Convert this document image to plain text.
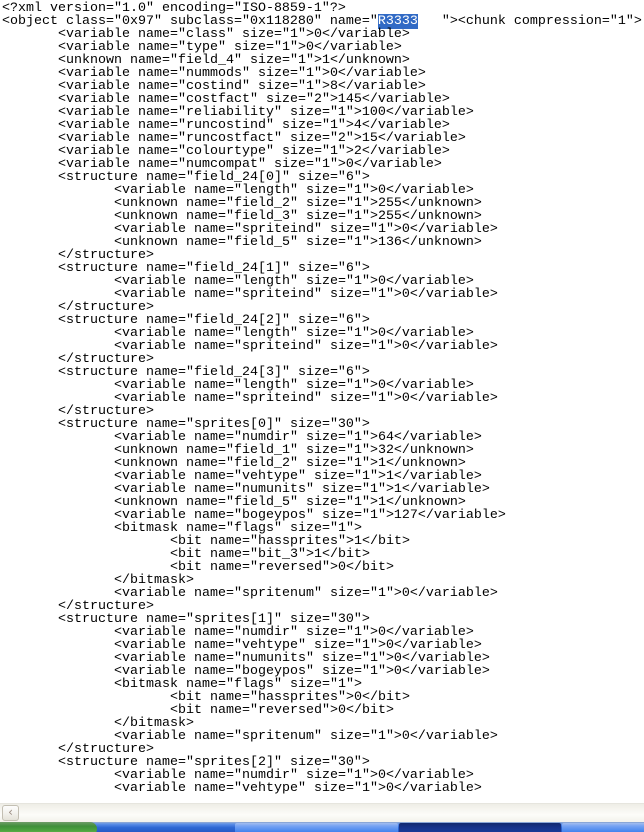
<?xml version="1.0" encoding="ISO-8859-1"?>
<object class="0x97" subclass="0x118280" name="R3333   "><chunk compression="1">
<variable name="class" size="1">0</variable>
<variable name="type" size="1">0</variable>
<unknown name="field_4" size="1">1</unknown>
<variable name="nummods" size="1">0</variable>
<variable name="costind" size="1">8</variable>
<variable name="costfact" size="2">145</variable>
<variable name="reliability" size="1">100</variable>
<variable name="runcostind" size="1">4</variable>
<variable name="runcostfact" size="2">15</variable>
<variable name="colourtype" size="1">2</variable>
<variable name="numcompat" size="1">0</variable>
<structure name="field_24[0]" size="6">
<variable name="length" size="1">0</variable>
<unknown name="field_2" size="1">255</unknown>
<unknown name="field_3" size="1">255</unknown>
<variable name="spriteind" size="1">0</variable>
<unknown name="field_5" size="1">136</unknown>
</structure>
<structure name="field_24[1]" size="6">
<variable name="length" size="1">0</variable>
<variable name="spriteind" size="1">0</variable>
</structure>
<structure name="field_24[2]" size="6">
<variable name="length" size="1">0</variable>
<variable name="spriteind" size="1">0</variable>
</structure>
<structure name="field_24[3]" size="6">
<variable name="length" size="1">0</variable>
<variable name="spriteind" size="1">0</variable>
</structure>
<structure name="sprites[0]" size="30">
<variable name="numdir" size="1">64</variable>
<unknown name="field_1" size="1">32</unknown>
<unknown name="field_2" size="1">1</unknown>
<variable name="vehtype" size="1">1</variable>
<variable name="numunits" size="1">1</variable>
<unknown name="field_5" size="1">1</unknown>
<variable name="bogeypos" size="1">127</variable>
<bitmask name="flags" size="1">
<bit name="hassprites">1</bit>
<bit name="bit_3">1</bit>
<bit name="reversed">0</bit>
</bitmask>
<variable name="spritenum" size="1">0</variable>
</structure>
<structure name="sprites[1]" size="30">
<variable name="numdir" size="1">0</variable>
<variable name="vehtype" size="1">0</variable>
<variable name="numunits" size="1">0</variable>
<variable name="bogeypos" size="1">0</variable>
<bitmask name="flags" size="1">
<bit name="hassprites">0</bit>
<bit name="reversed">0</bit>
</bitmask>
<variable name="spritenum" size="1">0</variable>
</structure>
<structure name="sprites[2]" size="30">
<variable name="numdir" size="1">0</variable>
<variable name="vehtype" size="1">0</variable>
‹
